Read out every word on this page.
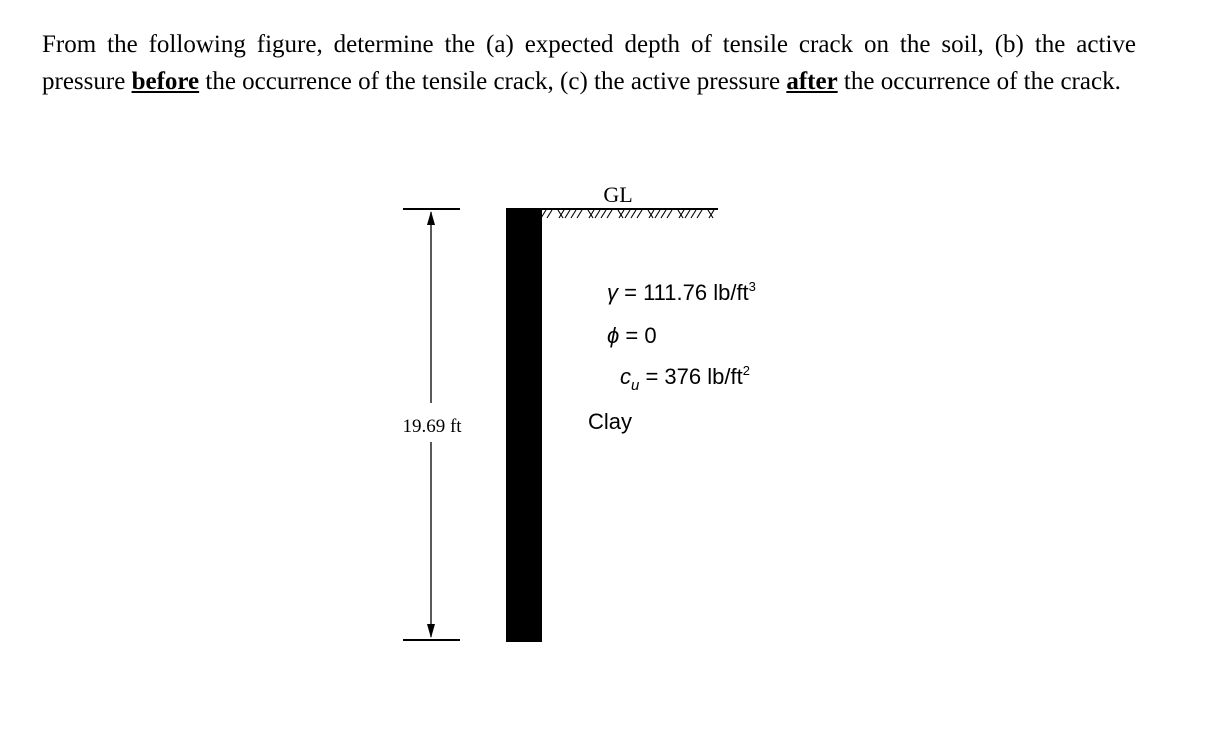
From the following figure, determine the (a) expected depth of tensile crack on the soil, (b) the active pressure before the occurrence of the tensile crack, (c) the active pressure after the occurrence of the crack.
19.69 ft
GL
γ = 111.76 $lb/ft^3$
ϕ = 0
$c_u = 376$ $lb/ft^2$
Clay
